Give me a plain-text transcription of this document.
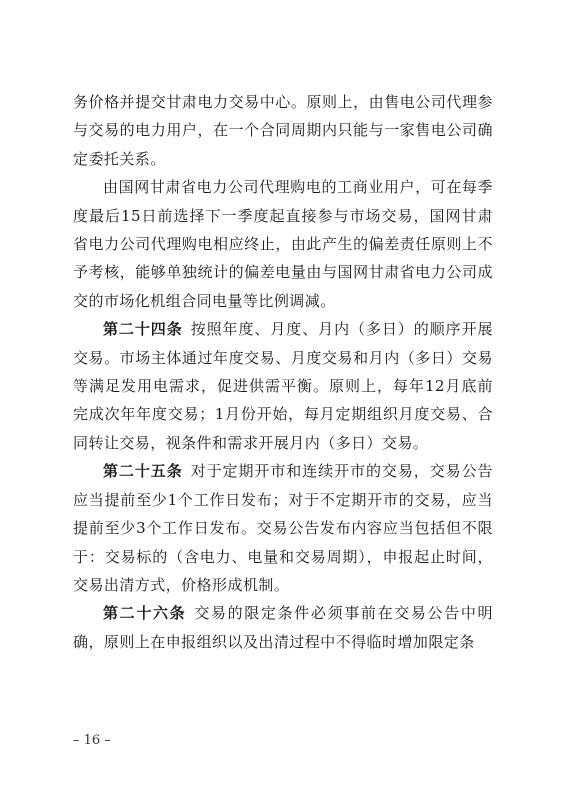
务价格并提交甘肃电力交易中心。原则上，由售电公司代理参与交易的电力用户，在一个合同周期内只能与一家售电公司确定委托关系。

由国网甘肃省电力公司代理购电的工商业用户，可在每季度最后15日前选择下一季度起直接参与市场交易，国网甘肃省电力公司代理购电相应终止，由此产生的偏差责任原则上不予考核，能够单独统计的偏差电量由与国网甘肃省电力公司成交的市场化机组合同电量等比例调减。

第二十四条 按照年度、月度、月内（多日）的顺序开展交易。市场主体通过年度交易、月度交易和月内（多日）交易等满足发用电需求，促进供需平衡。原则上，每年12月底前完成次年年度交易；1月份开始，每月定期组织月度交易、合同转让交易，视条件和需求开展月内（多日）交易。

第二十五条 对于定期开市和连续开市的交易，交易公告应当提前至少1个工作日发布；对于不定期开市的交易，应当提前至少3个工作日发布。交易公告发布内容应当包括但不限于：交易标的（含电力、电量和交易周期），申报起止时间，交易出清方式，价格形成机制。

第二十六条 交易的限定条件必须事前在交易公告中明确，原则上在申报组织以及出清过程中不得临时增加限定条

– 16 –
